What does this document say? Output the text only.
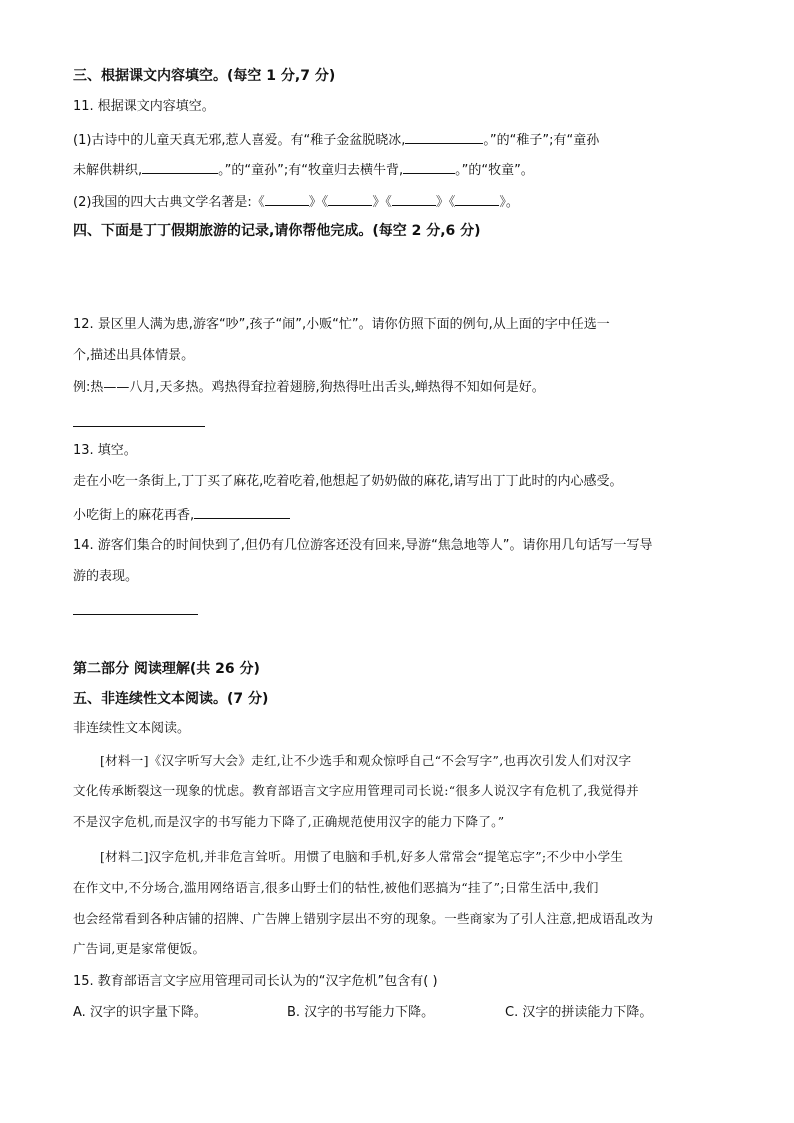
三、根据课文内容填空。(每空 1 分,7 分)
11. 根据课文内容填空。
(1)古诗中的儿童天真无邪,惹人喜爱。有“稚子金盆脱晓冰,	。”的“稚子”;有“童孙
未解供耕织,	。”的“童孙”;有“牧童归去横牛背,	。”的“牧童”。
(2)我国的四大古典文学名著是:《	》《	》《	》《	》。
四、下面是丁丁假期旅游的记录,请你帮他完成。(每空 2 分,6 分)
12. 景区里人满为患,游客“吵”,孩子“闹”,小贩“忙”。请你仿照下面的例句,从上面的字中任选一
个,描述出具体情景。
例:热——八月,天多热。鸡热得耷拉着翅膀,狗热得吐出舌头,蝉热得不知如何是好。
13. 填空。
走在小吃一条街上,丁丁买了麻花,吃着吃着,他想起了奶奶做的麻花,请写出丁丁此时的内心感受。
小吃街上的麻花再香,
14. 游客们集合的时间快到了,但仍有几位游客还没有回来,导游“焦急地等人”。请你用几句话写一写导
游的表现。
第二部分 阅读理解(共 26 分)
五、非连续性文本阅读。(7 分)
非连续性文本阅读。
[材料一]《汉字听写大会》走红,让不少选手和观众惊呼自己“不会写字”,也再次引发人们对汉字
文化传承断裂这一现象的忧虑。教育部语言文字应用管理司司长说:“很多人说汉字有危机了,我觉得并
不是汉字危机,而是汉字的书写能力下降了,正确规范使用汉字的能力下降了。”
[材料二]汉字危机,并非危言耸听。用惯了电脑和手机,好多人常常会“提笔忘字”;不少中小学生
在作文中,不分场合,滥用网络语言,很多山野士们的牯性,被他们恶搞为“挂了”;日常生活中,我们
也会经常看到各种店铺的招牌、广告牌上错别字层出不穷的现象。一些商家为了引人注意,把成语乱改为
广告词,更是家常便饭。
15. 教育部语言文字应用管理司司长认为的“汉字危机”包含有( )
A. 汉字的识字量下降。	B. 汉字的书写能力下降。	C. 汉字的拼读能力下降。
